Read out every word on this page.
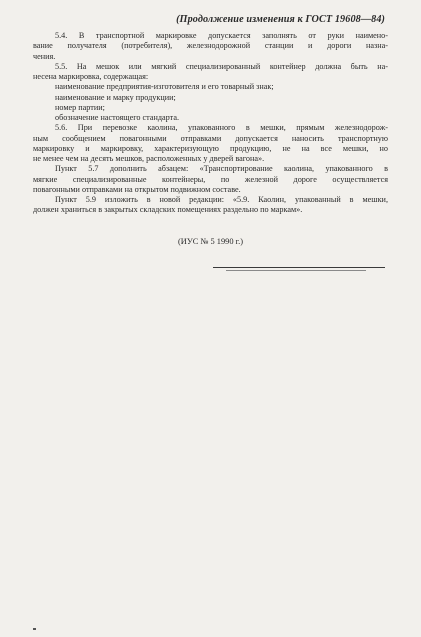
(Продолжение изменения к ГОСТ 19608—84)
5.4. В транспортной маркировке допускается заполнять от руки наимено-
вание получателя (потребителя), железнодорожной станции и дороги назна-
чения.
5.5. На мешок или мягкий специализированный контейнер должна быть на-
несена маркировка, содержащая:
наименование предприятия-изготовителя и его товарный знак;
наименование и марку продукции;
номер партии;
обозначение настоящего стандарта.
5.6. При перевозке каолина, упакованного в мешки, прямым железнодорож-
ным сообщением повагонными отправками допускается наносить транспортную
маркировку и маркировку, характеризующую продукцию, не на все мешки, но
не менее чем на десять мешков, расположенных у дверей вагона».
Пункт 5.7 дополнить абзацем: «Транспортирование каолина, упакованного в
мягкие специализированные контейнеры, по железной дороге осуществляется
повагонными отправками на открытом подвижном составе.
Пункт 5.9 изложить в новой редакции: «5.9. Каолин, упакованный в мешки,
должен храниться в закрытых складских помещениях раздельно по маркам».
(ИУС № 5 1990 г.)
